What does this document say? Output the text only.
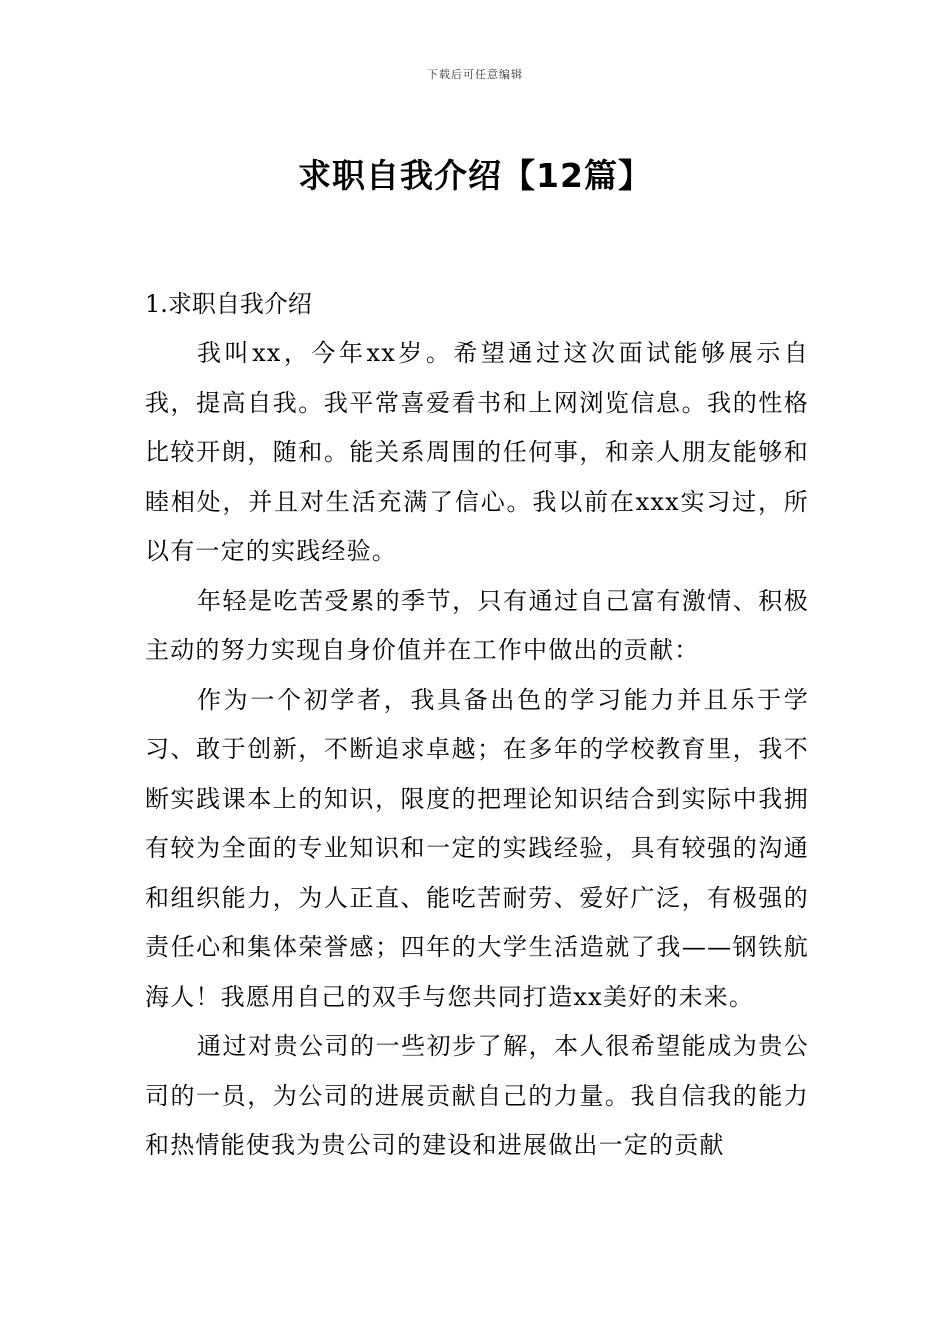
下载后可任意编辑
求职自我介绍【12篇】

1.求职自我介绍

我叫xx，今年xx岁。希望通过这次面试能够展示自我，提高自我。我平常喜爱看书和上网浏览信息。我的性格比较开朗，随和。能关系周围的任何事，和亲人朋友能够和睦相处，并且对生活充满了信心。我以前在xxx实习过，所以有一定的实践经验。

年轻是吃苦受累的季节，只有通过自己富有激情、积极主动的努力实现自身价值并在工作中做出的贡献：

作为一个初学者，我具备出色的学习能力并且乐于学习、敢于创新，不断追求卓越；在多年的学校教育里，我不断实践课本上的知识，限度的把理论知识结合到实际中我拥有较为全面的专业知识和一定的实践经验，具有较强的沟通和组织能力，为人正直、能吃苦耐劳、爱好广泛，有极强的责任心和集体荣誉感；四年的大学生活造就了我——钢铁航海人！我愿用自己的双手与您共同打造xx美好的未来。

通过对贵公司的一些初步了解，本人很希望能成为贵公司的一员，为公司的进展贡献自己的力量。我自信我的能力和热情能使我为贵公司的建设和进展做出一定的贡献
